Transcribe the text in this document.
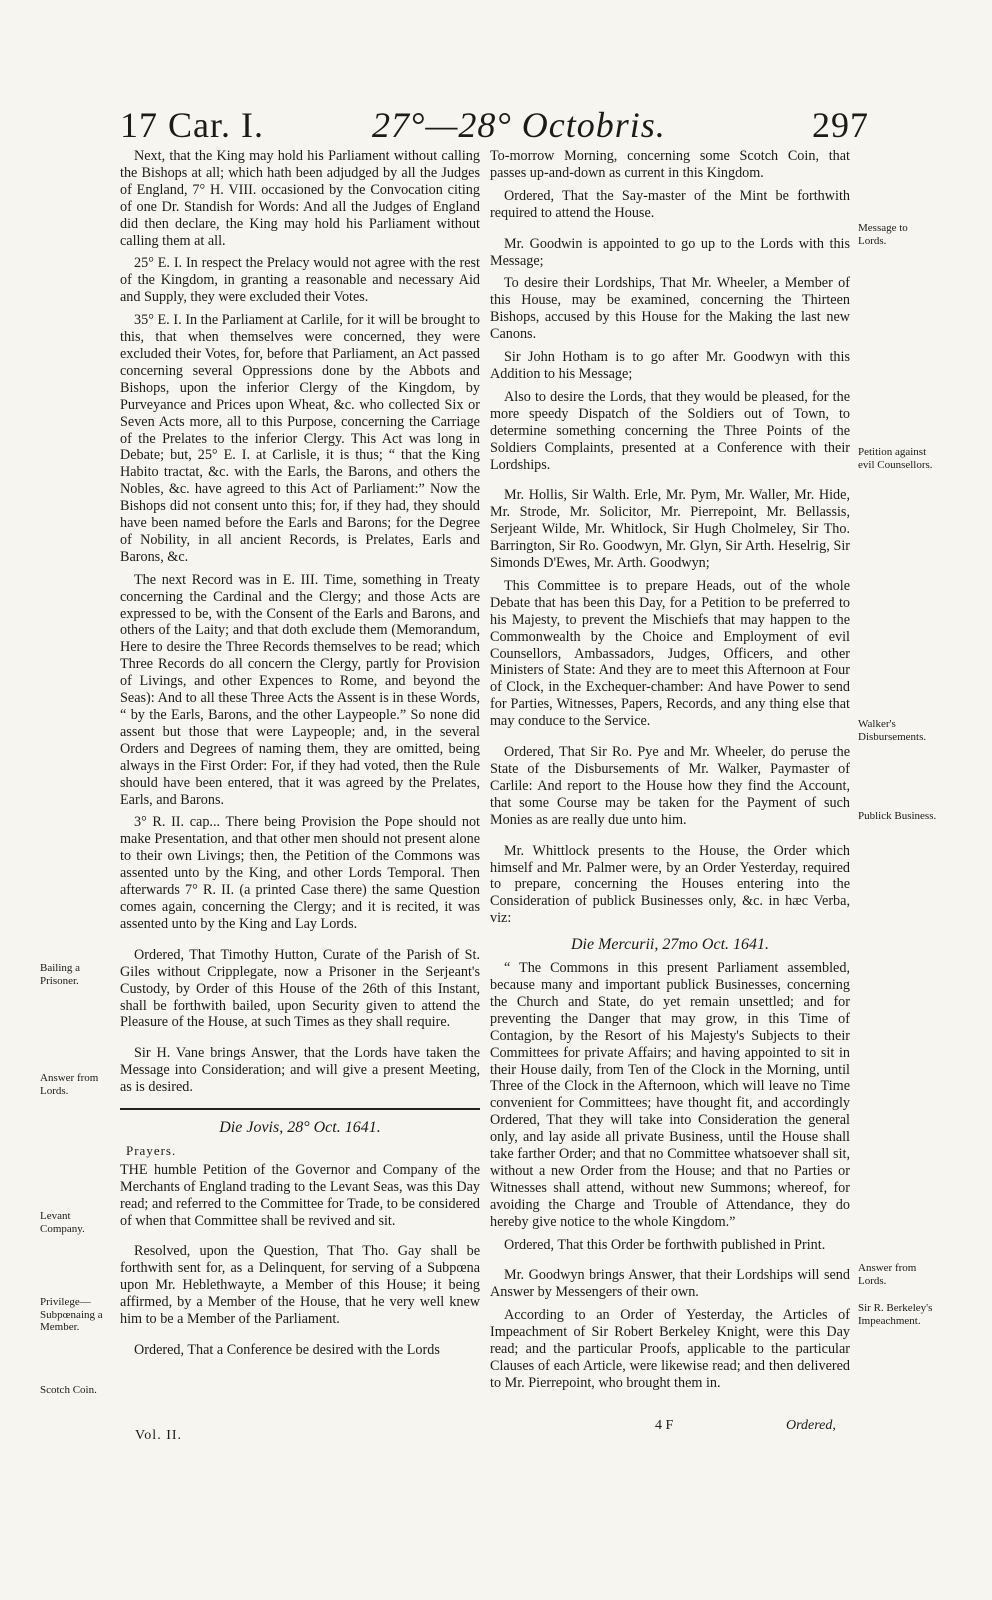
17 Car. I.	27°—28° Octobris.	297

Next, that the King may hold his Parliament without calling the Bishops at all; which hath been adjudged by all the Judges of England, 7° H. VIII. occasioned by the Convocation citing of one Dr. Standish for Words: And all the Judges of England did then declare, the King may hold his Parliament without calling them at all.

25° E. I. In respect the Prelacy would not agree with the rest of the Kingdom, in granting a reasonable and necessary Aid and Supply, they were excluded their Votes.

35° E. I. In the Parliament at Carlile, for it will be brought to this, that when themselves were concerned, they were excluded their Votes, for, before that Parliament, an Act passed concerning several Oppressions done by the Abbots and Bishops, upon the inferior Clergy of the Kingdom, by Purveyance and Prices upon Wheat, &c. who collected Six or Seven Acts more, all to this Purpose, concerning the Carriage of the Prelates to the inferior Clergy. This Act was long in Debate; but, 25° E. I. at Carlisle, it is thus; “ that the King Habito tractat, &c. with the Earls, the Barons, and others the Nobles, &c. have agreed to this Act of Parliament:” Now the Bishops did not consent unto this; for, if they had, they should have been named before the Earls and Barons; for the Degree of Nobility, in all ancient Records, is Prelates, Earls and Barons, &c.

The next Record was in E. III. Time, something in Treaty concerning the Cardinal and the Clergy; and those Acts are expressed to be, with the Consent of the Earls and Barons, and others of the Laity; and that doth exclude them (Memorandum, Here to desire the Three Records themselves to be read; which Three Records do all concern the Clergy, partly for Provision of Livings, and other Expences to Rome, and beyond the Seas): And to all these Three Acts the Assent is in these Words, “ by the Earls, Barons, and the other Laypeople.” So none did assent but those that were Laypeople; and, in the several Orders and Degrees of naming them, they are omitted, being always in the First Order: For, if they had voted, then the Rule should have been entered, that it was agreed by the Prelates, Earls, and Barons.

3° R. II. cap... There being Provision the Pope should not make Presentation, and that other men should not present alone to their own Livings; then, the Petition of the Commons was assented unto by the King, and other Lords Temporal. Then afterwards 7° R. II. (a printed Case there) the same Question comes again, concerning the Clergy; and it is recited, it was assented unto by the King and Lay Lords.

Ordered, That Timothy Hutton, Curate of the Parish of St. Giles without Cripplegate, now a Prisoner in the Serjeant's Custody, by Order of this House of the 26th of this Instant, shall be forthwith bailed, upon Security given to attend the Pleasure of the House, at such Times as they shall require.

Sir H. Vane brings Answer, that the Lords have taken the Message into Consideration; and will give a present Meeting, as is desired.

Die Jovis, 28° Oct. 1641.

Prayers.

THE humble Petition of the Governor and Company of the Merchants of England trading to the Levant Seas, was this Day read; and referred to the Committee for Trade, to be considered of when that Committee shall be revived and sit.

Resolved, upon the Question, That Tho. Gay shall be forthwith sent for, as a Delinquent, for serving of a Subpœna upon Mr. Heblethwayte, a Member of this House; it being affirmed, by a Member of the House, that he very well knew him to be a Member of the Parliament.

Ordered, That a Conference be desired with the Lords

To-morrow Morning, concerning some Scotch Coin, that passes up-and-down as current in this Kingdom.

Ordered, That the Say-master of the Mint be forthwith required to attend the House.

Mr. Goodwin is appointed to go up to the Lords with this Message;

To desire their Lordships, That Mr. Wheeler, a Member of this House, may be examined, concerning the Thirteen Bishops, accused by this House for the Making the last new Canons.

Sir John Hotham is to go after Mr. Goodwyn with this Addition to his Message;

Also to desire the Lords, that they would be pleased, for the more speedy Dispatch of the Soldiers out of Town, to determine something concerning the Three Points of the Soldiers Complaints, presented at a Conference with their Lordships.

Mr. Hollis, Sir Walth. Erle, Mr. Pym, Mr. Waller, Mr. Hide, Mr. Strode, Mr. Solicitor, Mr. Pierrepoint, Mr. Bellassis, Serjeant Wilde, Mr. Whitlock, Sir Hugh Cholmeley, Sir Tho. Barrington, Sir Ro. Goodwyn, Mr. Glyn, Sir Arth. Heselrig, Sir Simonds D'Ewes, Mr. Arth. Goodwyn;

This Committee is to prepare Heads, out of the whole Debate that has been this Day, for a Petition to be preferred to his Majesty, to prevent the Mischiefs that may happen to the Commonwealth by the Choice and Employment of evil Counsellors, Ambassadors, Judges, Officers, and other Ministers of State: And they are to meet this Afternoon at Four of Clock, in the Exchequer-chamber: And have Power to send for Parties, Witnesses, Papers, Records, and any thing else that may conduce to the Service.

Ordered, That Sir Ro. Pye and Mr. Wheeler, do peruse the State of the Disbursements of Mr. Walker, Paymaster of Carlile: And report to the House how they find the Account, that some Course may be taken for the Payment of such Monies as are really due unto him.

Mr. Whittlock presents to the House, the Order which himself and Mr. Palmer were, by an Order Yesterday, required to prepare, concerning the Houses entering into the Consideration of publick Businesses only, &c. in hæc Verba, viz:

Die Mercurii, 27mo Oct. 1641.

“ The Commons in this present Parliament assembled, because many and important publick Businesses, concerning the Church and State, do yet remain unsettled; and for preventing the Danger that may grow, in this Time of Contagion, by the Resort of his Majesty's Subjects to their Committees for private Affairs; and having appointed to sit in their House daily, from Ten of the Clock in the Morning, until Three of the Clock in the Afternoon, which will leave no Time convenient for Committees; have thought fit, and accordingly Ordered, That they will take into Consideration the general only, and lay aside all private Business, until the House shall take farther Order; and that no Committee whatsoever shall sit, without a new Order from the House; and that no Parties or Witnesses shall attend, without new Summons; whereof, for avoiding the Charge and Trouble of Attendance, they do hereby give notice to the whole Kingdom.”

Ordered, That this Order be forthwith published in Print.

Mr. Goodwyn brings Answer, that their Lordships will send Answer by Messengers of their own.

According to an Order of Yesterday, the Articles of Impeachment of Sir Robert Berkeley Knight, were this Day read; and the particular Proofs, applicable to the particular Clauses of each Article, were likewise read; and then delivered to Mr. Pierrepoint, who brought them in.

Bailing a Prisoner.
Answer from Lords.
Levant Company.
Privilege—Subpœnaing a Member.
Scotch Coin.
Message to Lords.
Petition against evil Counsellors.
Walker's Disbursements.
Publick Business.
Answer from Lords.
Sir R. Berkeley's Impeachment.
Vol. II.
4 F	Ordered,
